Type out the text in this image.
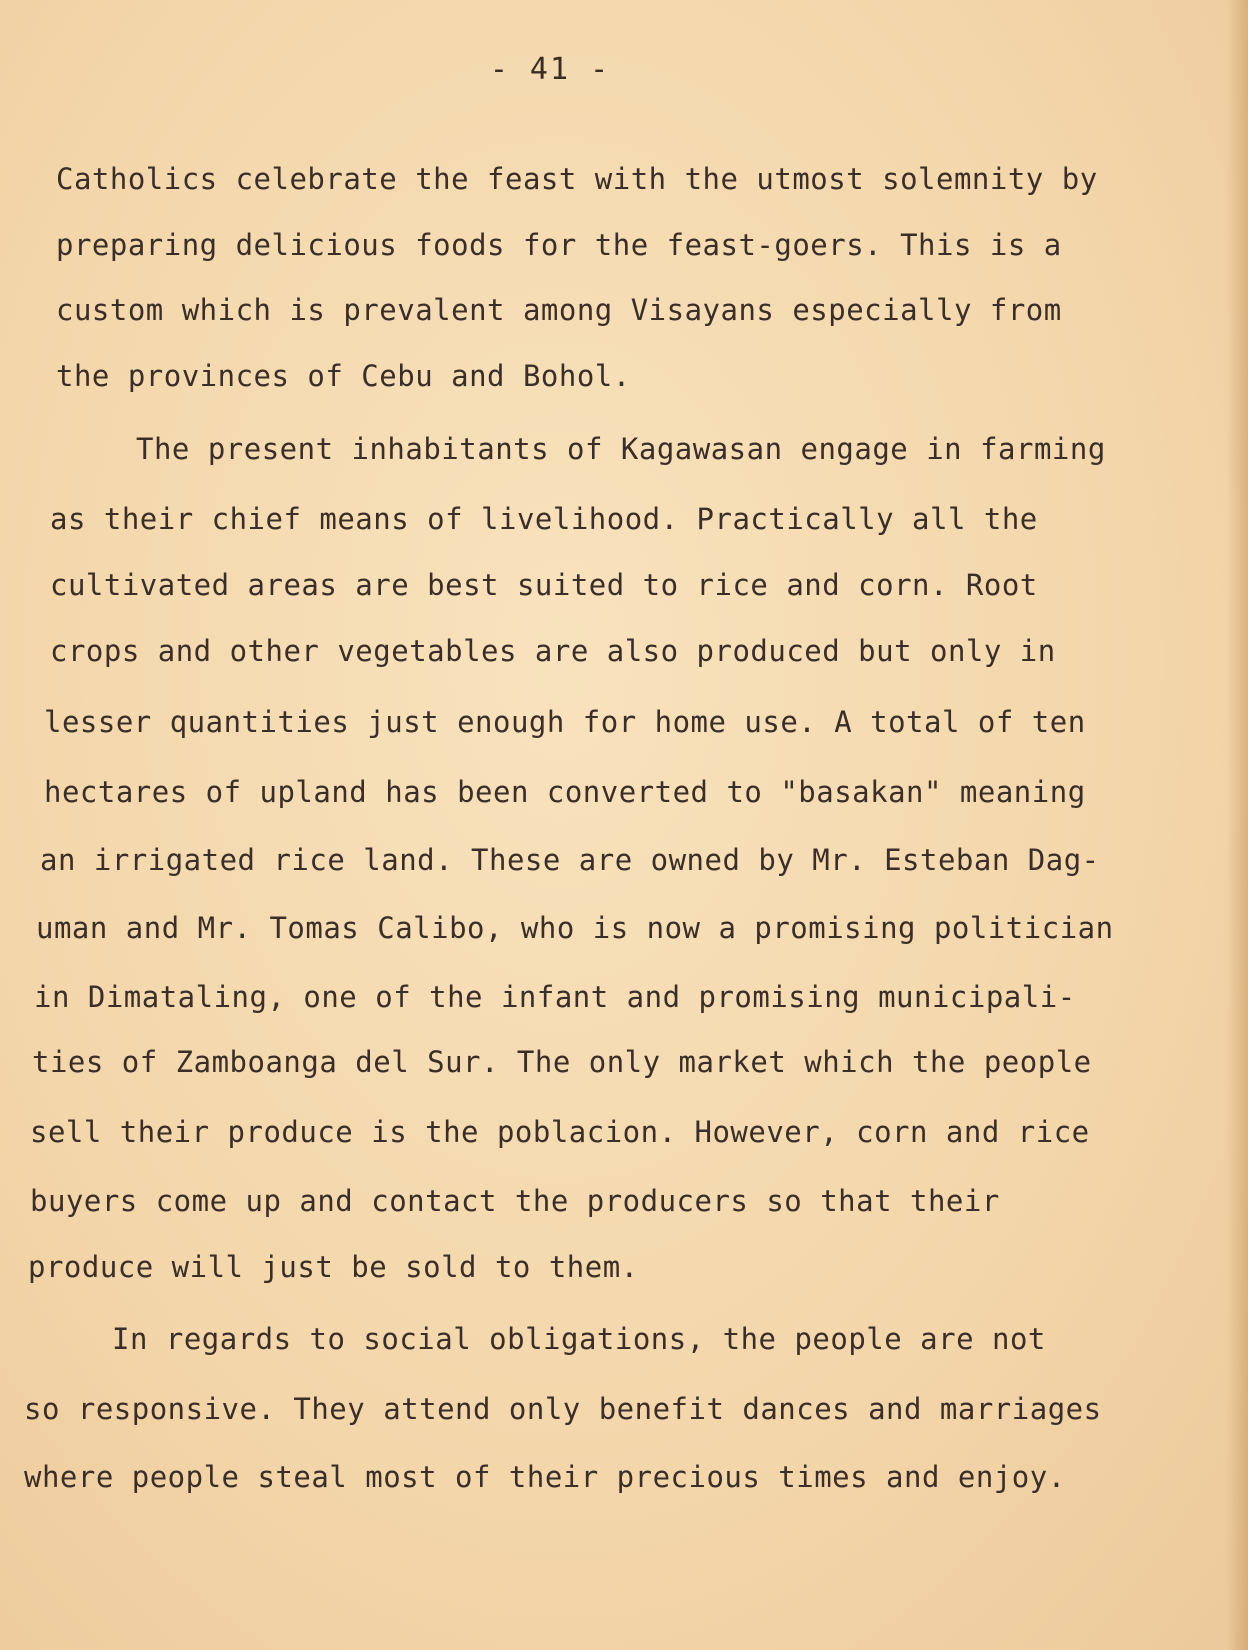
- 41 -
Catholics celebrate the feast with the utmost solemnity by
preparing delicious foods for the feast-goers. This is a
custom which is prevalent among Visayans especially from
the provinces of Cebu and Bohol.
The present inhabitants of Kagawasan engage in farming
as their chief means of livelihood. Practically all the
cultivated areas are best suited to rice and corn. Root
crops and other vegetables are also produced but only in
lesser quantities just enough for home use. A total of ten
hectares of upland has been converted to "basakan" meaning
an irrigated rice land. These are owned by Mr. Esteban Dag-
uman and Mr. Tomas Calibo, who is now a promising politician
in Dimataling, one of the infant and promising municipali-
ties of Zamboanga del Sur. The only market which the people
sell their produce is the poblacion. However, corn and rice
buyers come up and contact the producers so that their
produce will just be sold to them.
In regards to social obligations, the people are not
so responsive. They attend only benefit dances and marriages
where people steal most of their precious times and enjoy.
